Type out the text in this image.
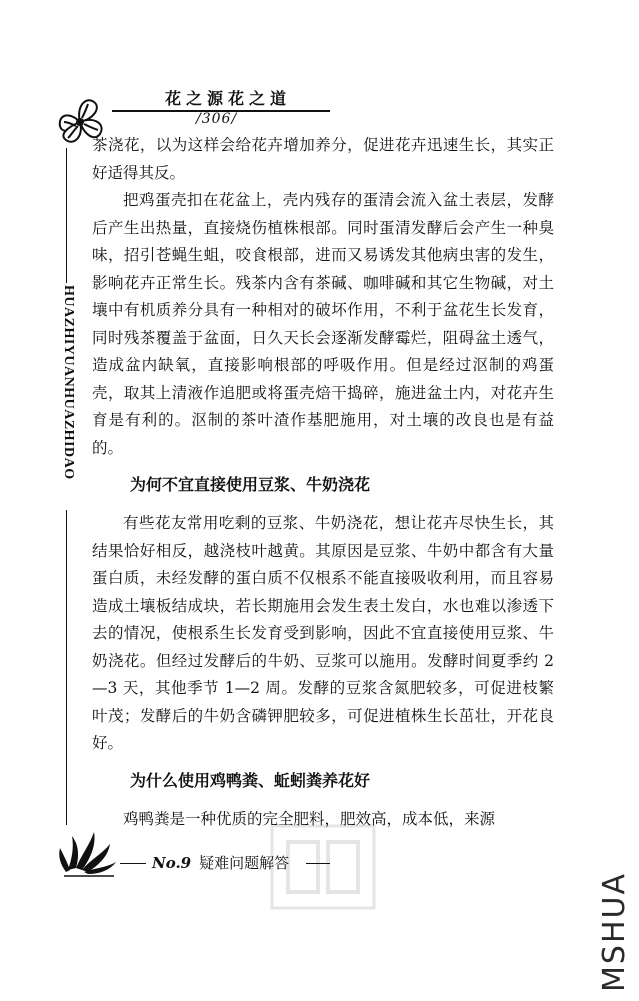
花之源花之道
/306/
HUAZHIYUANHUAZHIDAO

茶浇花，以为这样会给花卉增加养分，促进花卉迅速生长，其实正好适得其反。

把鸡蛋壳扣在花盆上，壳内残存的蛋清会流入盆土表层，发酵后产生出热量，直接烧伤植株根部。同时蛋清发酵后会产生一种臭味，招引苍蝇生蛆，咬食根部，进而又易诱发其他病虫害的发生，影响花卉正常生长。残茶内含有茶碱、咖啡碱和其它生物碱，对土壤中有机质养分具有一种相对的破坏作用，不利于盆花生长发育，同时残茶覆盖于盆面，日久天长会逐渐发酵霉烂，阻碍盆土透气，造成盆内缺氧，直接影响根部的呼吸作用。但是经过沤制的鸡蛋壳，取其上清液作追肥或将蛋壳焙干捣碎，施进盆土内，对花卉生育是有利的。沤制的茶叶渣作基肥施用，对土壤的改良也是有益的。

为何不宜直接使用豆浆、牛奶浇花

有些花友常用吃剩的豆浆、牛奶浇花，想让花卉尽快生长，其结果恰好相反，越浇枝叶越黄。其原因是豆浆、牛奶中都含有大量蛋白质，未经发酵的蛋白质不仅根系不能直接吸收利用，而且容易造成土壤板结成块，若长期施用会发生表土发白，水也难以渗透下去的情况，使根系生长发育受到影响，因此不宜直接使用豆浆、牛奶浇花。但经过发酵后的牛奶、豆浆可以施用。发酵时间夏季约 2—3 天，其他季节 1—2 周。发酵的豆浆含氮肥较多，可促进枝繁叶茂；发酵后的牛奶含磷钾肥较多，可促进植株生长茁壮，开花良好。

为什么使用鸡鸭粪、蚯蚓粪养花好

鸡鸭粪是一种优质的完全肥料，肥效高，成本低，来源

No.9 疑难问题解答
MSHUA
